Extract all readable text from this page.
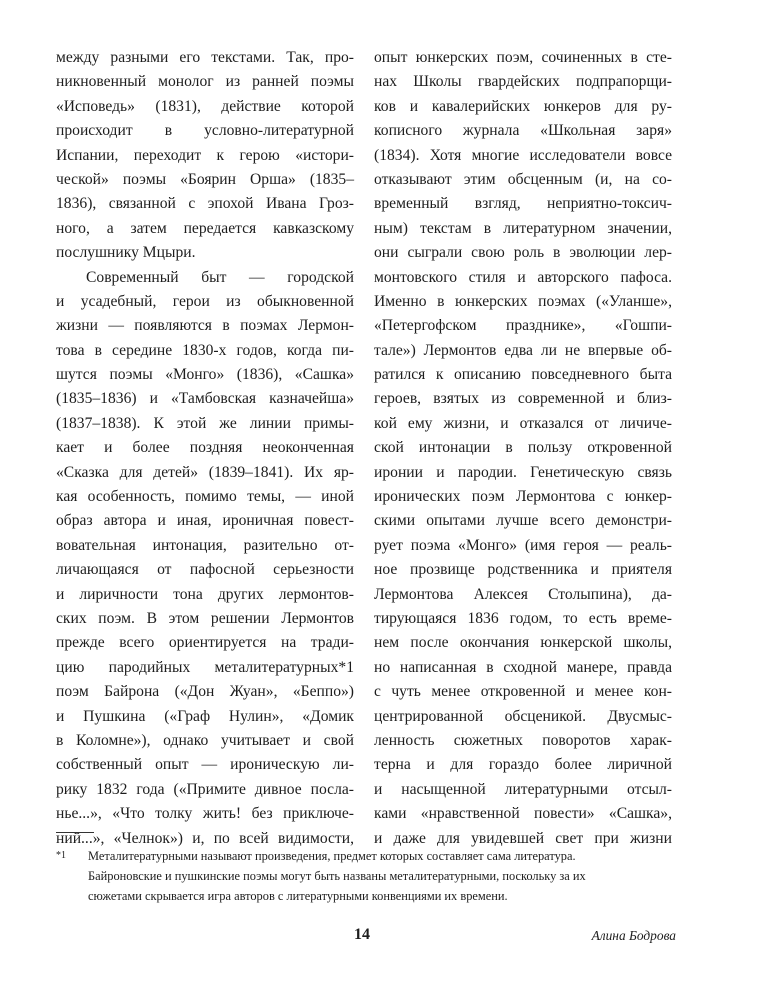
между разными его текстами. Так, про-
никновенный монолог из ранней поэмы
«Исповедь» (1831), действие которой
происходит в условно-литературной
Испании, переходит к герою «истори-
ческой» поэмы «Боярин Орша» (1835–
1836), связанной с эпохой Ивана Гроз-
ного, а затем передается кавказскому
послушнику Мцыри.
Современный быт — городской
и усадебный, герои из обыкновенной
жизни — появляются в поэмах Лермон-
това в середине 1830-х годов, когда пи-
шутся поэмы «Монго» (1836), «Сашка»
(1835–1836) и «Тамбовская казначейша»
(1837–1838). К этой же линии примы-
кает и более поздняя неоконченная
«Сказка для детей» (1839–1841). Их яр-
кая особенность, помимо темы, — иной
образ автора и иная, ироничная повест-
вовательная интонация, разительно от-
личающаяся от пафосной серьезности
и лиричности тона других лермонтов-
ских поэм. В этом решении Лермонтов
прежде всего ориентируется на тради-
цию пародийных металитературных*1
поэм Байрона («Дон Жуан», «Беппо»)
и Пушкина («Граф Нулин», «Домик
в Коломне»), однако учитывает и свой
собственный опыт — ироническую ли-
рику 1832 года («Примите дивное посла-
нье...», «Что толку жить! без приключе-
ний...», «Челнок») и, по всей видимости,
опыт юнкерских поэм, сочиненных в сте-
нах Школы гвардейских подпрапорщи-
ков и кавалерийских юнкеров для ру-
кописного журнала «Школьная заря»
(1834). Хотя многие исследователи вовсе
отказывают этим обсценным (и, на со-
временный взгляд, неприятно-токсич-
ным) текстам в литературном значении,
они сыграли свою роль в эволюции лер-
монтовского стиля и авторского пафоса.
Именно в юнкерских поэмах («Уланше»,
«Петергофском празднике», «Гошпи-
тале») Лермонтов едва ли не впервые об-
ратился к описанию повседневного быта
героев, взятых из современной и близ-
кой ему жизни, и отказался от личиче-
ской интонации в пользу откровенной
иронии и пародии. Генетическую связь
иронических поэм Лермонтова с юнкер-
скими опытами лучше всего демонстри-
рует поэма «Монго» (имя героя — реаль-
ное прозвище родственника и приятеля
Лермонтова Алексея Столыпина), да-
тирующаяся 1836 годом, то есть време-
нем после окончания юнкерской школы,
но написанная в сходной манере, правда
с чуть менее откровенной и менее кон-
центрированной обсценикой. Двусмыс-
ленность сюжетных поворотов харак-
терна и для гораздо более лиричной
и насыщенной литературными отсыл-
ками «нравственной повести» «Сашка»,
и даже для увидевшей свет при жизни
*1 Металитературными называют произведения, предмет которых составляет сама литература.
Байроновские и пушкинские поэмы могут быть названы металитературными, поскольку за их
сюжетами скрывается игра авторов с литературными конвенциями их времени.
14	Алина Бодрова
